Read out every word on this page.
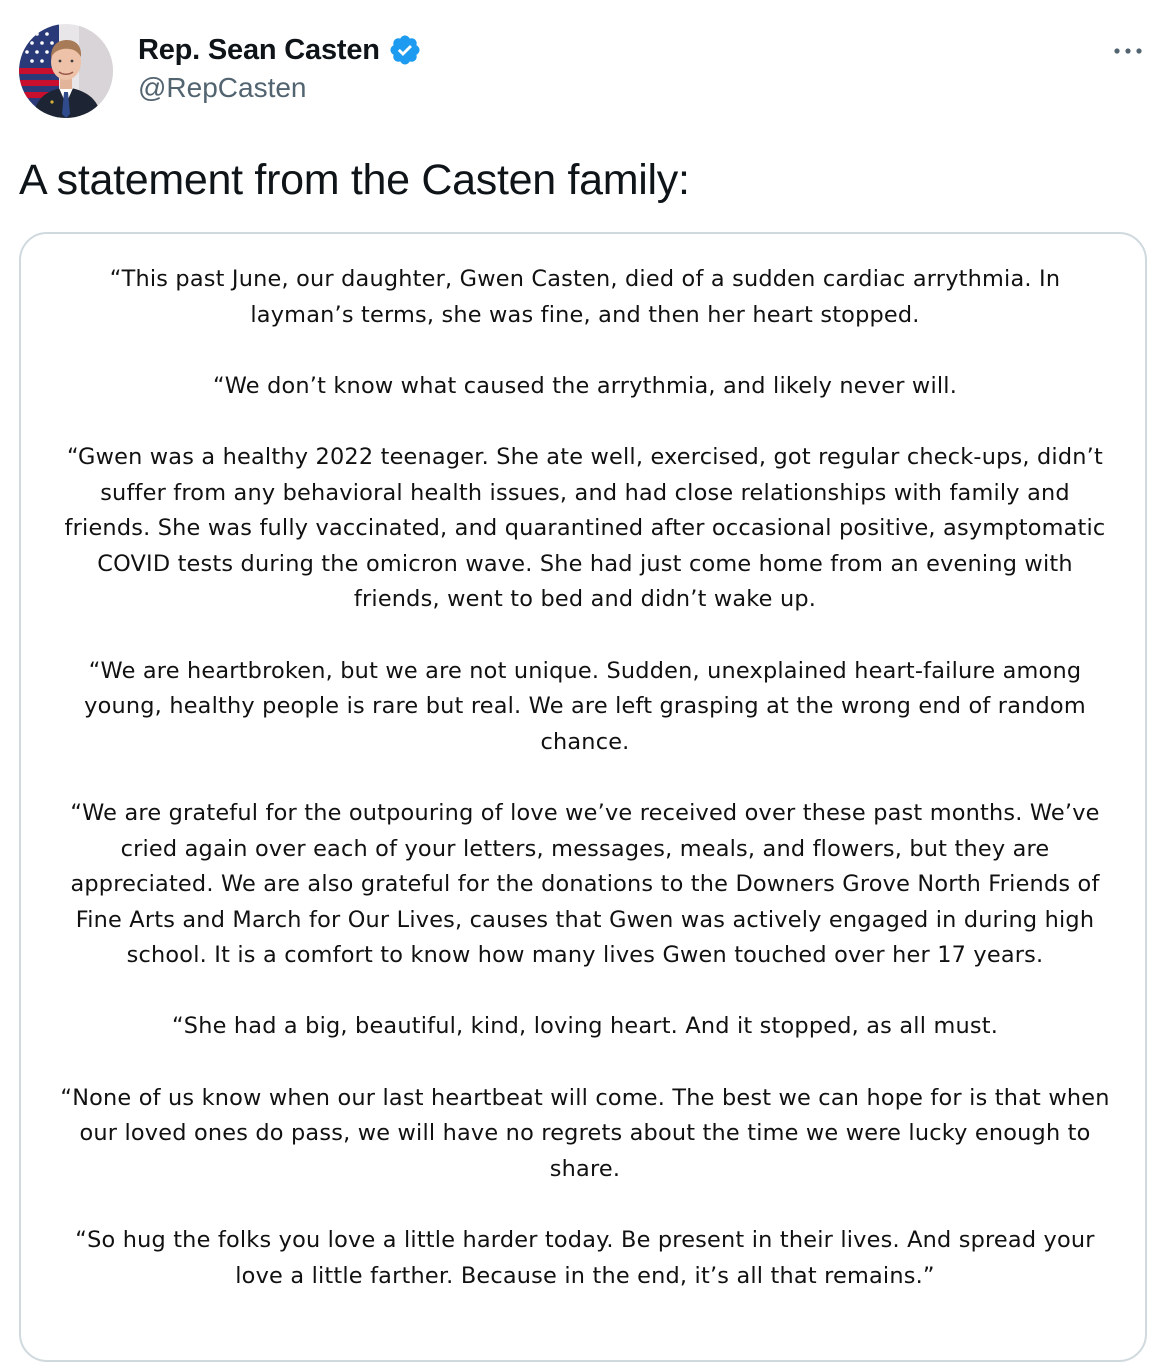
Rep. Sean Casten
@RepCasten
A statement from the Casten family:

“This past June, our daughter, Gwen Casten, died of a sudden cardiac arrythmia. In layman’s terms, she was fine, and then her heart stopped.

“We don’t know what caused the arrythmia, and likely never will.

“Gwen was a healthy 2022 teenager. She ate well, exercised, got regular check-ups, didn’t suffer from any behavioral health issues, and had close relationships with family and friends. She was fully vaccinated, and quarantined after occasional positive, asymptomatic COVID tests during the omicron wave. She had just come home from an evening with friends, went to bed and didn’t wake up.

“We are heartbroken, but we are not unique. Sudden, unexplained heart-failure among young, healthy people is rare but real. We are left grasping at the wrong end of random chance.

“We are grateful for the outpouring of love we’ve received over these past months. We’ve cried again over each of your letters, messages, meals, and flowers, but they are appreciated. We are also grateful for the donations to the Downers Grove North Friends of Fine Arts and March for Our Lives, causes that Gwen was actively engaged in during high school. It is a comfort to know how many lives Gwen touched over her 17 years.

“She had a big, beautiful, kind, loving heart. And it stopped, as all must.

“None of us know when our last heartbeat will come. The best we can hope for is that when our loved ones do pass, we will have no regrets about the time we were lucky enough to share.

“So hug the folks you love a little harder today. Be present in their lives. And spread your love a little farther. Because in the end, it’s all that remains.”
